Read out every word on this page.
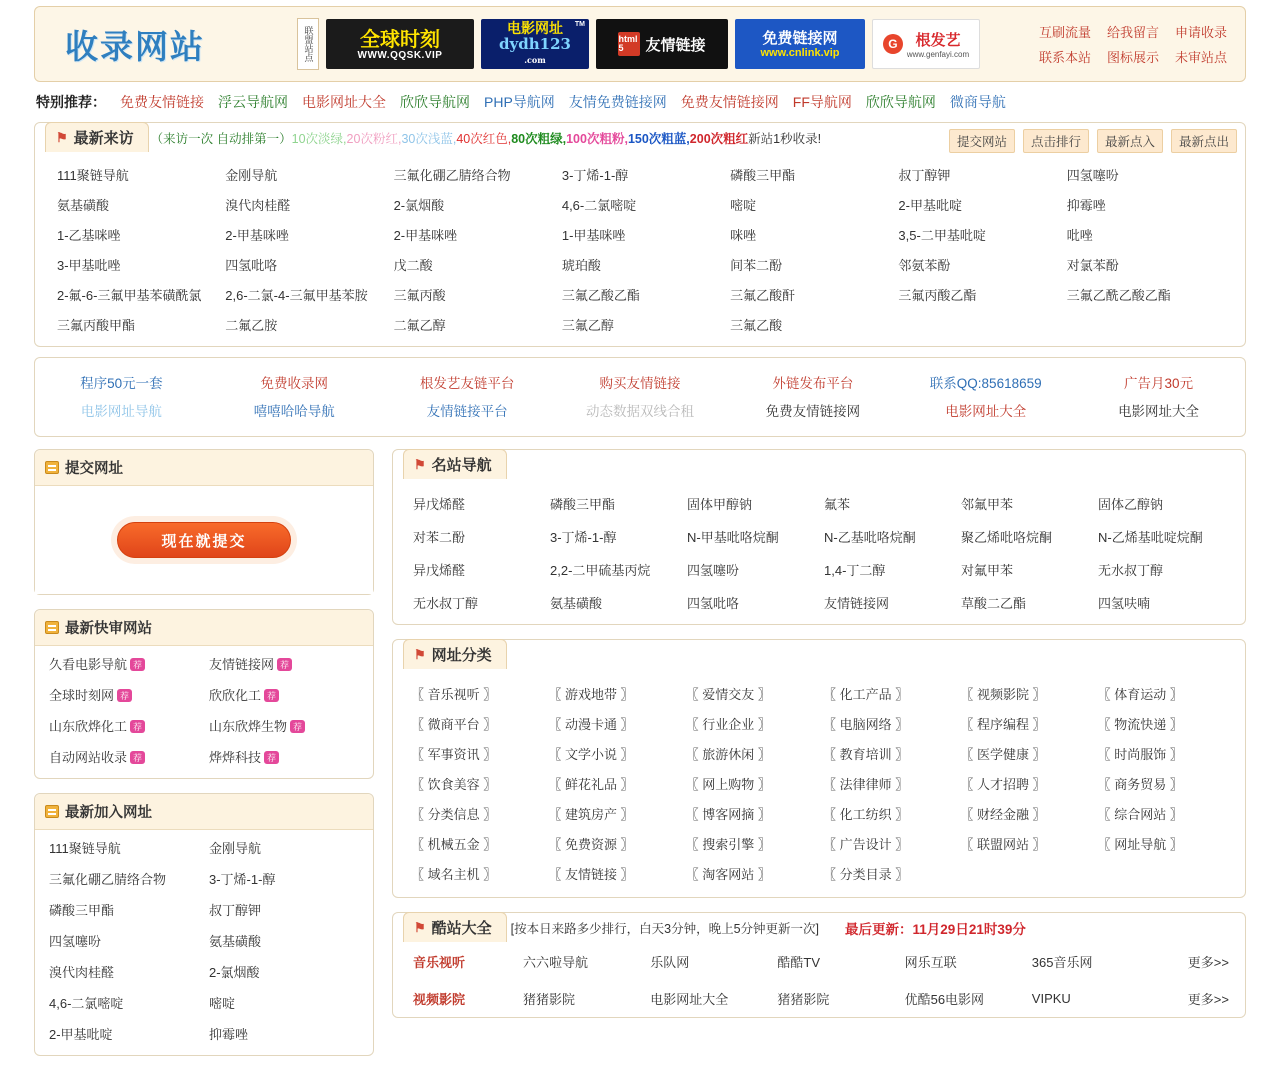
收录网站	联盟站点 全球时刻
WWW.QQSK.VIP
TM
电影网址
dydh123
.com
html 5	友情链接	免费链接网
www.cnlink.vip
G	根发艺
www.genfayi.com
互刷流量 给我留言 申请收录
联系本站 图标展示 未审站点
特别推荐： 免费友情链接 浮云导航网 电影网址大全 欣欣导航网 PHP导航网 友情免费链接网 免费友情链接网 FF导航网 欣欣导航网 微商导航
⚑ 最新来访 （来访一次 自动排第一） 10次淡绿,20次粉红,30次浅蓝,40次红色,80次粗绿,100次粗粉,150次粗蓝,200次粗红 新站1秒收录!	提交网站	点击排行	最新点入	最新点出
111聚链导航	金刚导航	三氟化硼乙腈络合物	3-丁烯-1-醇	磷酸三甲酯	叔丁醇钾	四氢噻吩
氨基磺酸	溴代肉桂醛	2-氯烟酸	4,6-二氯嘧啶	嘧啶	2-甲基吡啶	抑霉唑
1-乙基咪唑	2-甲基咪唑	2-甲基咪唑	1-甲基咪唑	咪唑	3,5-二甲基吡啶	吡唑
3-甲基吡唑	四氢吡咯	戊二酸	琥珀酸	间苯二酚	邻氨苯酚	对氯苯酚
2-氟-6-三氟甲基苯磺酰氯	2,6-二氯-4-三氟甲基苯胺	三氟丙酸	三氟乙酸乙酯	三氟乙酸酐	三氟丙酸乙酯	三氟乙酰乙酸乙酯
三氟丙酸甲酯	二氟乙胺	二氟乙醇	三氟乙醇	三氟乙酸
程序50元一套	免费收录网	根发艺友链平台	购买友情链接	外链发布平台	联系QQ:85618659	广告月30元
电影网址导航	嘻嘻哈哈导航	友情链接平台	动态数据双线合租	免费友情链接网	电影网址大全	电影网址大全
提交网址
现在就提交
最新快审网站
久看电影导航 荐	友情链接网 荐
全球时刻网 荐	欣欣化工 荐
山东欣烨化工 荐	山东欣烨生物 荐
自动网站收录 荐	烨烨科技 荐
最新加入网址
111聚链导航	金刚导航
三氟化硼乙腈络合物	3-丁烯-1-醇
磷酸三甲酯	叔丁醇钾
四氢噻吩	氨基磺酸
溴代肉桂醛	2-氯烟酸
4,6-二氯嘧啶	嘧啶
2-甲基吡啶	抑霉唑
⚑ 名站导航
异戊烯醛	磷酸三甲酯	固体甲醇钠	氟苯	邻氟甲苯	固体乙醇钠
对苯二酚	3-丁烯-1-醇	N-甲基吡咯烷酮	N-乙基吡咯烷酮	聚乙烯吡咯烷酮	N-乙烯基吡啶烷酮
异戊烯醛	2,2-二甲硫基丙烷	四氢噻吩	1,4-丁二醇	对氟甲苯	无水叔丁醇
无水叔丁醇	氨基磺酸	四氢吡咯	友情链接网	草酸二乙酯	四氢呋喃
⚑ 网址分类
〖 音乐视听 〗	〖 游戏地带 〗	〖 爱情交友 〗	〖 化工产品 〗	〖 视频影院 〗	〖 体育运动 〗
〖 微商平台 〗	〖 动漫卡通 〗	〖 行业企业 〗	〖 电脑网络 〗	〖 程序编程 〗	〖 物流快递 〗
〖 军事资讯 〗	〖 文学小说 〗	〖 旅游休闲 〗	〖 教育培训 〗	〖 医学健康 〗	〖 时尚服饰 〗
〖 饮食美容 〗	〖 鲜花礼品 〗	〖 网上购物 〗	〖 法律律师 〗	〖 人才招聘 〗	〖 商务贸易 〗
〖 分类信息 〗	〖 建筑房产 〗	〖 博客网摘 〗	〖 化工纺织 〗	〖 财经金融 〗	〖 综合网站 〗
〖 机械五金 〗	〖 免费资源 〗	〖 搜索引擎 〗	〖 广告设计 〗	〖 联盟网站 〗	〖 网址导航 〗
〖 域名主机 〗	〖 友情链接 〗	〖 淘客网站 〗	〖 分类目录 〗
⚑ 酷站大全	[按本日来路多少排行，白天3分钟，晚上5分钟更新一次]	最后更新：11月29日21时39分
音乐视听	六六啦导航	乐队网	酷酷TV	网乐互联	365音乐网	更多>>
视频影院	猪猪影院	电影网址大全	猪猪影院	优酷56电影网	VIPKU	更多>>
